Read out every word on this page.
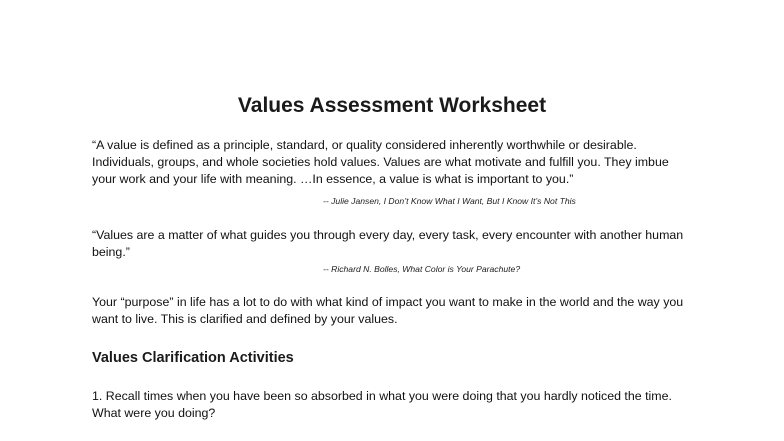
Values Assessment Worksheet

“A value is defined as a principle, standard, or quality considered inherently worthwhile or desirable. Individuals, groups, and whole societies hold values. Values are what motivate and fulfill you. They imbue your work and your life with meaning. …In essence, a value is what is important to you.”

-- Julie Jansen, I Don’t Know What I Want, But I Know It’s Not This

“Values are a matter of what guides you through every day, every task, every encounter with another human being.”

-- Richard N. Bolles, What Color is Your Parachute?

Your “purpose” in life has a lot to do with what kind of impact you want to make in the world and the way you want to live. This is clarified and defined by your values.

Values Clarification Activities

1. Recall times when you have been so absorbed in what you were doing that you hardly noticed the time. What were you doing?
